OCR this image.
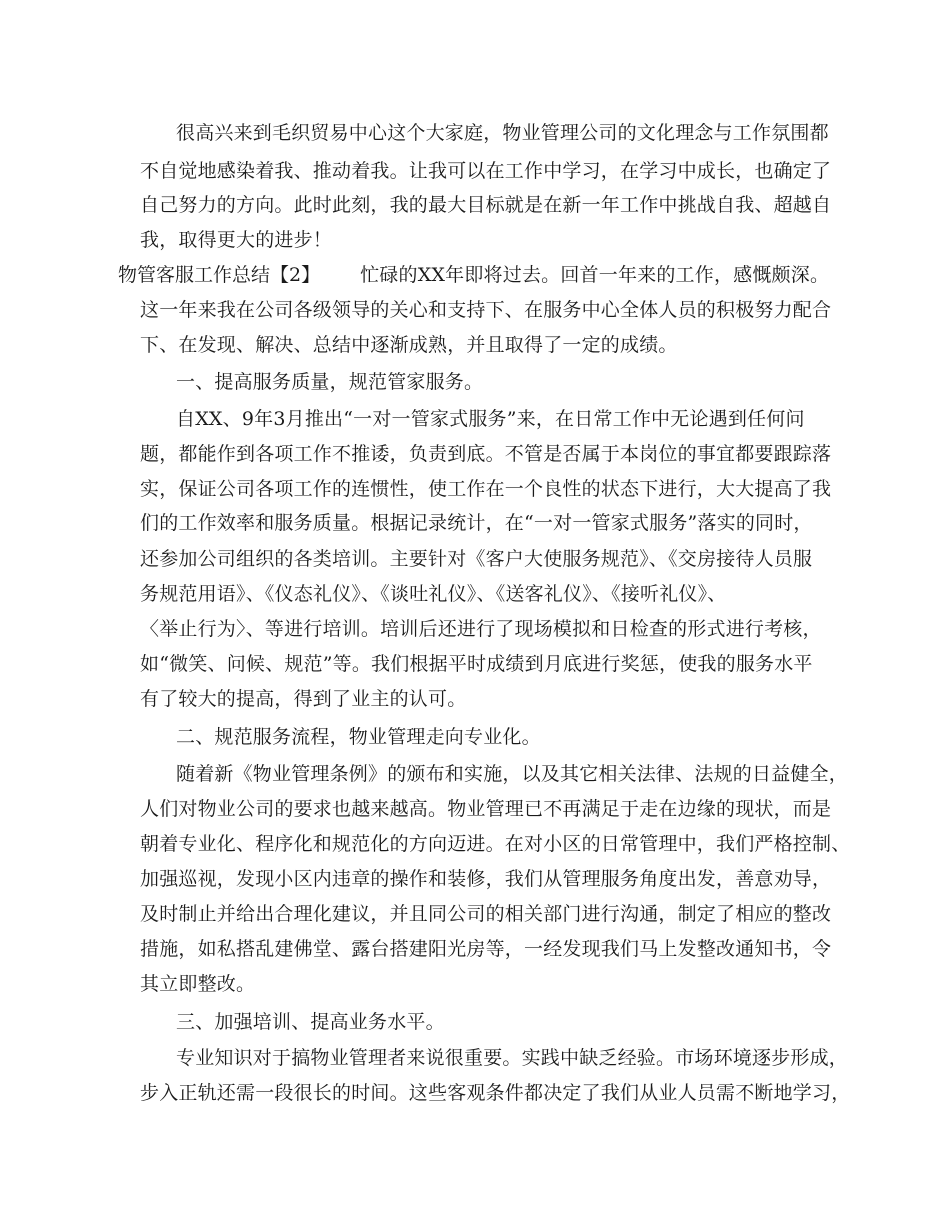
很高兴来到毛织贸易中心这个大家庭，物业管理公司的文化理念与工作氛围都
不自觉地感染着我、推动着我。让我可以在工作中学习，在学习中成长，也确定了
自己努力的方向。此时此刻，我的最大目标就是在新一年工作中挑战自我、超越自
我，取得更大的进步！
物管客服工作总结【2】 忙碌的XX年即将过去。回首一年来的工作，感慨颇深。
这一年来我在公司各级领导的关心和支持下、在服务中心全体人员的积极努力配合
下、在发现、解决、总结中逐渐成熟，并且取得了一定的成绩。
一、提高服务质量，规范管家服务。
自XX、9年3月推出“一对一管家式服务”来，在日常工作中无论遇到任何问
题，都能作到各项工作不推诿，负责到底。不管是否属于本岗位的事宜都要跟踪落
实，保证公司各项工作的连惯性，使工作在一个良性的状态下进行，大大提高了我
们的工作效率和服务质量。根据记录统计，在“一对一管家式服务”落实的同时，
还参加公司组织的各类培训。主要针对《客户大使服务规范》、《交房接待人员服
务规范用语》、《仪态礼仪》、《谈吐礼仪》、《送客礼仪》、《接听礼仪》、
〈举止行为〉、等进行培训。培训后还进行了现场模拟和日检查的形式进行考核，
如“微笑、问候、规范”等。我们根据平时成绩到月底进行奖惩，使我的服务水平
有了较大的提高，得到了业主的认可。
二、规范服务流程，物业管理走向专业化。
随着新《物业管理条例》的颁布和实施，以及其它相关法律、法规的日益健全，
人们对物业公司的要求也越来越高。物业管理已不再满足于走在边缘的现状，而是
朝着专业化、程序化和规范化的方向迈进。在对小区的日常管理中，我们严格控制、
加强巡视，发现小区内违章的操作和装修，我们从管理服务角度出发，善意劝导，
及时制止并给出合理化建议，并且同公司的相关部门进行沟通，制定了相应的整改
措施，如私搭乱建佛堂、露台搭建阳光房等，一经发现我们马上发整改通知书，令
其立即整改。
三、加强培训、提高业务水平。
专业知识对于搞物业管理者来说很重要。实践中缺乏经验。市场环境逐步形成，
步入正轨还需一段很长的时间。这些客观条件都决定了我们从业人员需不断地学习，
